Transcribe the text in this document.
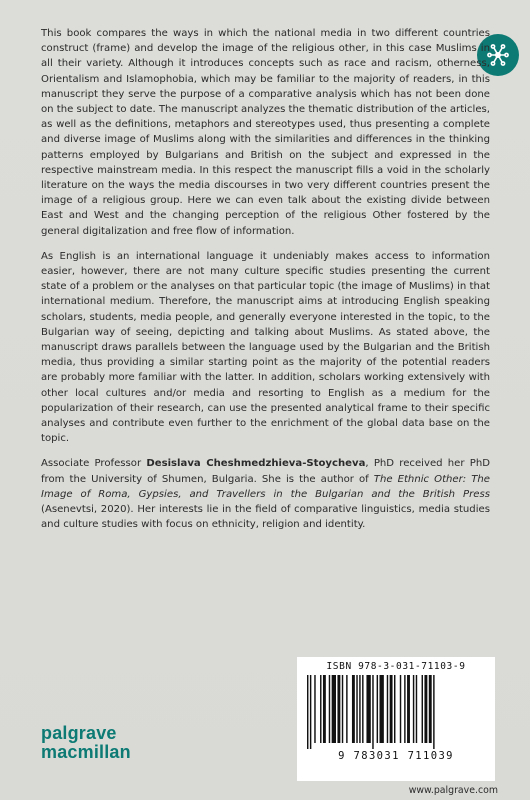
This book compares the ways in which the national media in two different countries construct (frame) and develop the image of the religious other, in this case Muslims in all their variety. Although it introduces concepts such as race and racism, otherness, Orientalism and Islamophobia, which may be familiar to the majority of readers, in this manuscript they serve the purpose of a comparative analysis which has not been done on the subject to date. The manuscript analyzes the thematic distribution of the articles, as well as the definitions, metaphors and stereotypes used, thus presenting a complete and diverse image of Muslims along with the similarities and differences in the thinking patterns employed by Bulgarians and British on the subject and expressed in the respective mainstream media. In this respect the manuscript fills a void in the scholarly literature on the ways the media discourses in two very different countries present the image of a religious group. Here we can even talk about the existing divide between East and West and the changing perception of the religious Other fostered by the general digitalization and free flow of information.

As English is an international language it undeniably makes access to information easier, however, there are not many culture specific studies presenting the current state of a problem or the analyses on that particular topic (the image of Muslims) in that international medium. Therefore, the manuscript aims at introducing English speaking scholars, students, media people, and generally everyone interested in the topic, to the Bulgarian way of seeing, depicting and talking about Muslims. As stated above, the manuscript draws parallels between the language used by the Bulgarian and the British media, thus providing a similar starting point as the majority of the potential readers are probably more familiar with the latter. In addition, scholars working extensively with other local cultures and/or media and resorting to English as a medium for the popularization of their research, can use the presented analytical frame to their specific analyses and contribute even further to the enrichment of the global data base on the topic.

Associate Professor Desislava Cheshmedzhieva-Stoycheva, PhD received her PhD from the University of Shumen, Bulgaria. She is the author of The Ethnic Other: The Image of Roma, Gypsies, and Travellers in the Bulgarian and the British Press (Asenevtsi, 2020). Her interests lie in the field of comparative linguistics, media studies and culture studies with focus on ethnicity, religion and identity.

palgrave
macmillan
ISBN 978-3-031-71103-9
9 783031 711039
www.palgrave.com
